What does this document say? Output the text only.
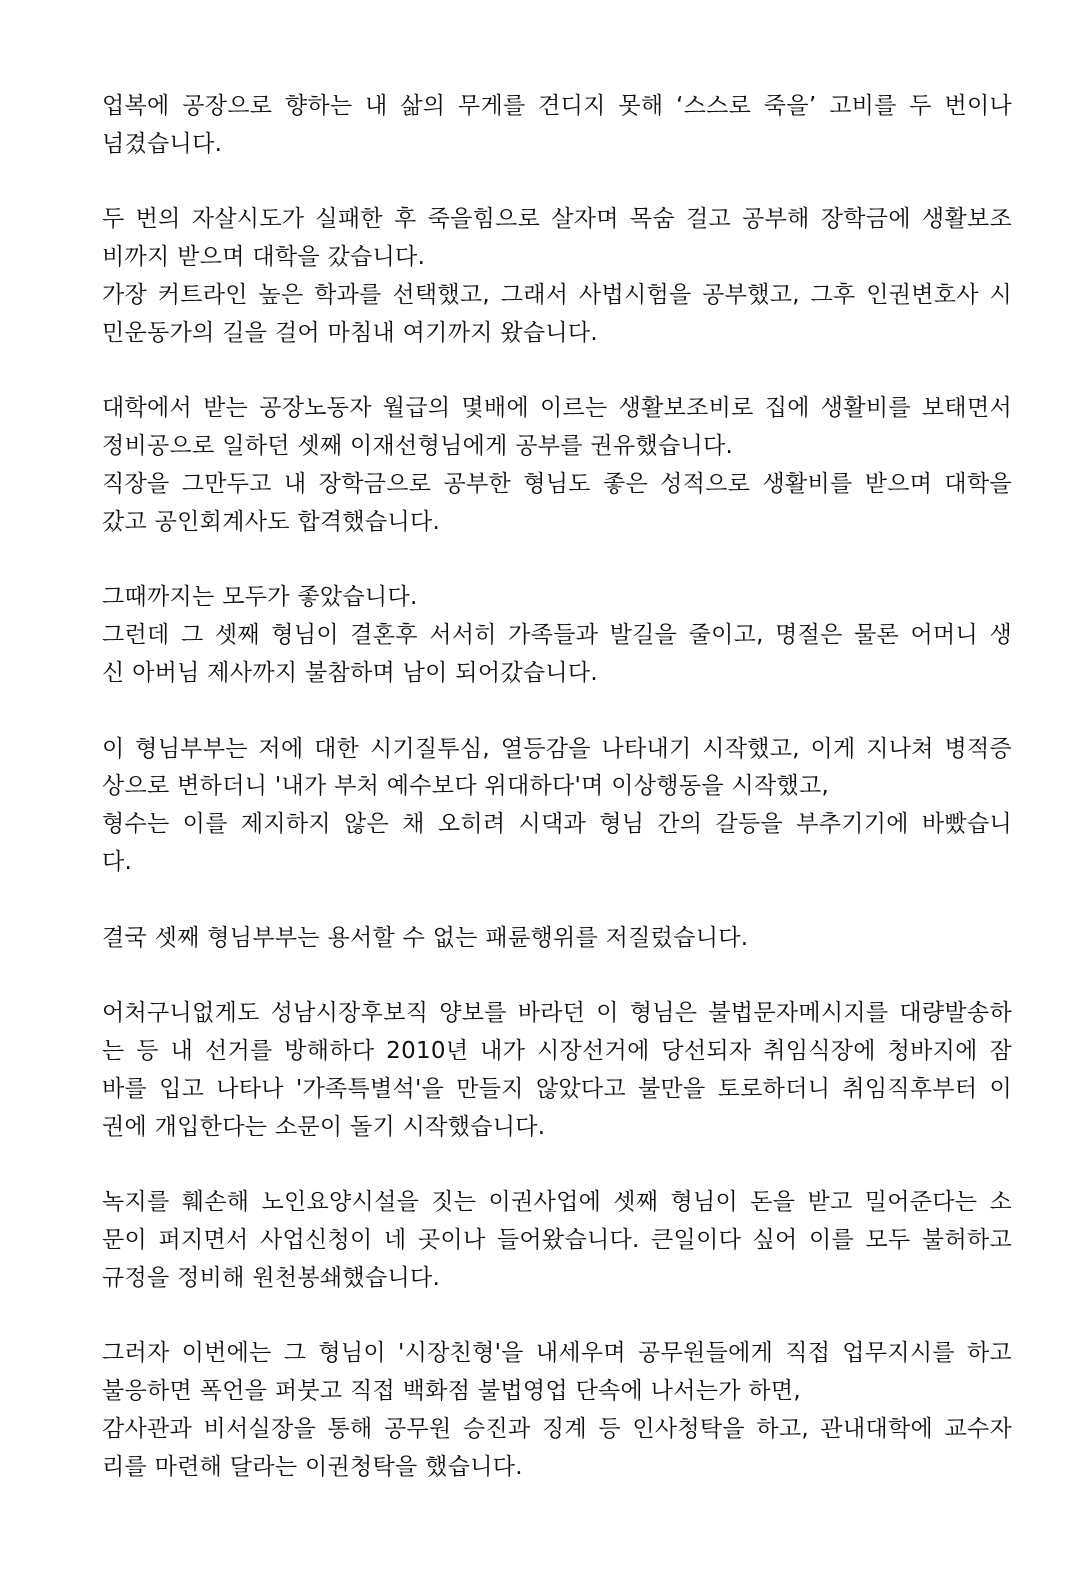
업복에 공장으로 향하는 내 삶의 무게를 견디지 못해 ‘스스로 죽을’ 고비를 두 번이나
넘겼습니다.
두 번의 자살시도가 실패한 후 죽을힘으로 살자며 목숨 걸고 공부해 장학금에 생활보조
비까지 받으며 대학을 갔습니다.
가장 커트라인 높은 학과를 선택했고, 그래서 사법시험을 공부했고, 그후 인권변호사 시
민운동가의 길을 걸어 마침내 여기까지 왔습니다.
대학에서 받는 공장노동자 월급의 몇배에 이르는 생활보조비로 집에 생활비를 보태면서
정비공으로 일하던 셋째 이재선형님에게 공부를 권유했습니다.
직장을 그만두고 내 장학금으로 공부한 형님도 좋은 성적으로 생활비를 받으며 대학을
갔고 공인회계사도 합격했습니다.
그때까지는 모두가 좋았습니다.
그런데 그 셋째 형님이 결혼후 서서히 가족들과 발길을 줄이고, 명절은 물론 어머니 생
신 아버님 제사까지 불참하며 남이 되어갔습니다.
이 형님부부는 저에 대한 시기질투심, 열등감을 나타내기 시작했고, 이게 지나쳐 병적증
상으로 변하더니 '내가 부처 예수보다 위대하다'며 이상행동을 시작했고,
형수는 이를 제지하지 않은 채 오히려 시댁과 형님 간의 갈등을 부추기기에 바빴습니
다.
결국 셋째 형님부부는 용서할 수 없는 패륜행위를 저질렀습니다.
어처구니없게도 성남시장후보직 양보를 바라던 이 형님은 불법문자메시지를 대량발송하
는 등 내 선거를 방해하다 2010년 내가 시장선거에 당선되자 취임식장에 청바지에 잠
바를 입고 나타나 '가족특별석'을 만들지 않았다고 불만을 토로하더니 취임직후부터 이
권에 개입한다는 소문이 돌기 시작했습니다.
녹지를 훼손해 노인요양시설을 짓는 이권사업에 셋째 형님이 돈을 받고 밀어준다는 소
문이 퍼지면서 사업신청이 네 곳이나 들어왔습니다. 큰일이다 싶어 이를 모두 불허하고
규정을 정비해 원천봉쇄했습니다.
그러자 이번에는 그 형님이 '시장친형'을 내세우며 공무원들에게 직접 업무지시를 하고
불응하면 폭언을 퍼붓고 직접 백화점 불법영업 단속에 나서는가 하면,
감사관과 비서실장을 통해 공무원 승진과 징계 등 인사청탁을 하고, 관내대학에 교수자
리를 마련해 달라는 이권청탁을 했습니다.
